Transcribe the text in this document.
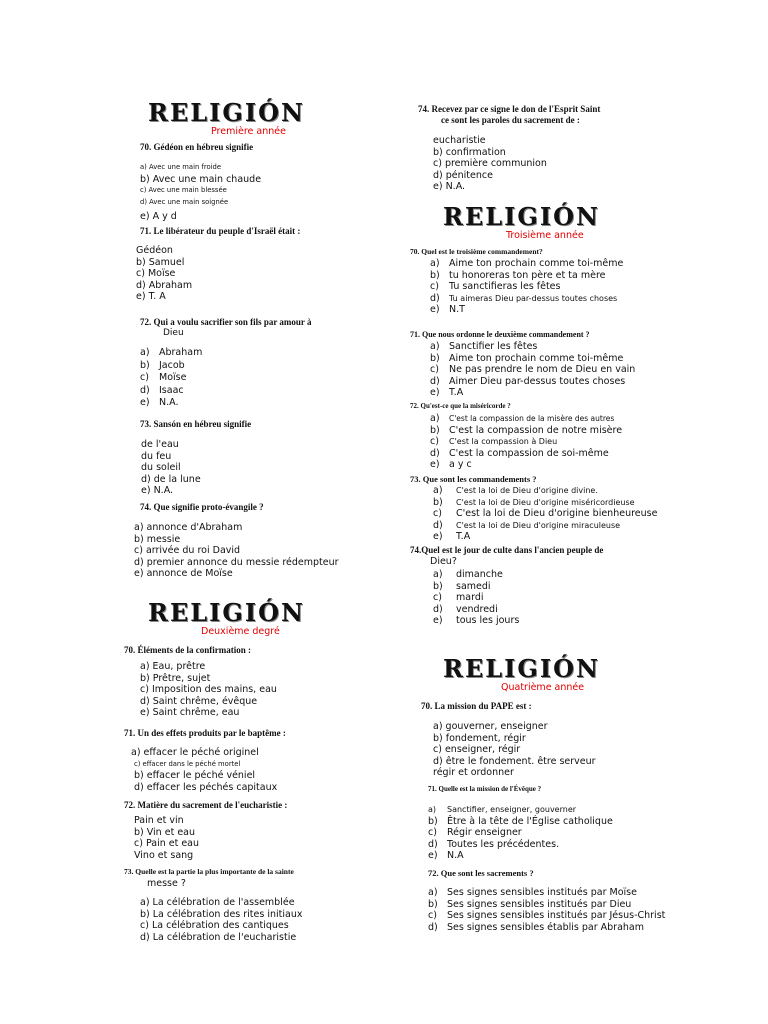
RELIGIÓN
Première année
70. Gédéon en hébreu signifie
a) Avec une main froide
b) Avec une main chaude
c) Avec une main blessée
d) Avec une main soignée
e) A y d
71. Le libérateur du peuple d'Israël était :
Gédéon
b) Samuel
c) Moïse
d) Abraham
e) T. A
72. Qui a voulu sacrifier son fils par amour à
Dieu
a) Abraham
b) Jacob
c) Moïse
d) Isaac
e) N.A.
73. Sansón en hébreu signifie
de l'eau
du feu
du soleil
d) de la lune
e) N.A.
74. Que signifie proto-évangile ?
a) annonce d'Abraham
b) messie
c) arrivée du roi David
d) premier annonce du messie rédempteur
e) annonce de Moïse
RELIGIÓN
Deuxième degré
70. Éléments de la confirmation :
a) Eau, prêtre
b) Prêtre, sujet
c) Imposition des mains, eau
d) Saint chrême, évêque
e) Saint chrême, eau
71. Un des effets produits par le baptême :
a) effacer le péché originel
c) effacer dans le péché mortel
b) effacer le péché véniel
d) effacer les péchés capitaux
72. Matière du sacrement de l'eucharistie :
Pain et vin
b) Vin et eau
c) Pain et eau
Vino et sang
73. Quelle est la partie la plus importante de la sainte
messe ?
a) La célébration de l'assemblée
b) La célébration des rites initiaux
c) La célébration des cantiques
d) La célébration de l'eucharistie
74. Recevez par ce signe le don de l'Esprit Saint
ce sont les paroles du sacrement de :
eucharistie
b) confirmation
c) première communion
d) pénitence
e) N.A.
RELIGIÓN
Troisième année
70. Quel est le troisième commandement?
a) Aime ton prochain comme toi-même
b) tu honoreras ton père et ta mère
c) Tu sanctifieras les fêtes
d) Tu aimeras Dieu par-dessus toutes choses
e) N.T
71. Que nous ordonne le deuxième commandement ?
a) Sanctifier les fêtes
b) Aime ton prochain comme toi-même
c) Ne pas prendre le nom de Dieu en vain
d) Aimer Dieu par-dessus toutes choses
e) T.A
72. Qu'est-ce que la miséricorde ?
a) C'est la compassion de la misère des autres
b) C'est la compassion de notre misère
c) C'est la compassion à Dieu
d) C'est la compassion de soi-même
e) a y c
73. Que sont les commandements ?
a) C'est la loi de Dieu d'origine divine.
b) C'est la loi de Dieu d'origine miséricordieuse
c) C'est la loi de Dieu d'origine bienheureuse
d) C'est la loi de Dieu d'origine miraculeuse
e) T.A
74.Quel est le jour de culte dans l'ancien peuple de
Dieu?
a) dimanche
b) samedi
c) mardi
d) vendredi
e) tous les jours
RELIGIÓN
Quatrième année
70. La mission du PAPE est :
a) gouverner, enseigner
b) fondement, régir
c) enseigner, régir
d) être le fondement. être serveur
régir et ordonner
71. Quelle est la mission de l'Évêque ?
a) Sanctifier, enseigner, gouverner
b) Être à la tête de l'Église catholique
c) Régir enseigner
d) Toutes les précédentes.
e) N.A
72. Que sont les sacrements ?
a) Ses signes sensibles institués par Moïse
b) Ses signes sensibles institués par Dieu
c) Ses signes sensibles institués par Jésus-Christ
d) Ses signes sensibles établis par Abraham
